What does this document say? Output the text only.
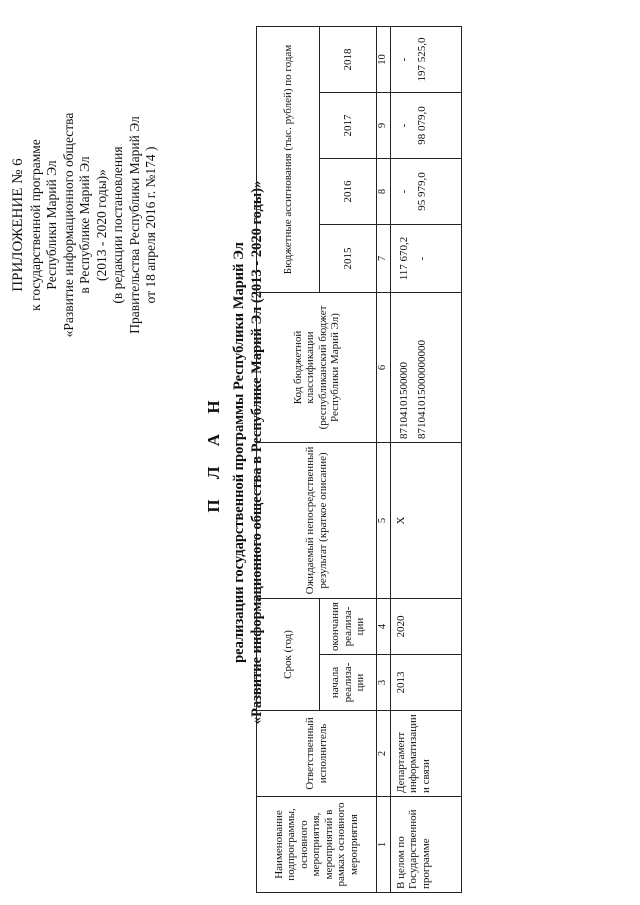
ПРИЛОЖЕНИЕ № 6 к государственной программе Республики Марий Эл «Развитие информационного общества в Республике Марий Эл (2013 - 2020 годы)» (в редакции постановления Правительства Республики Марий Эл от 18 апреля 2016 г. №174 )
П Л А Н реализации государственной программы Республики Марий Эл «Развитие информационного общества в Республике Марий Эл (2013 - 2020 годы)»
Наименование подпрограммы, основного мероприятия, мероприятий в рамках основного мероприятия	Ответственный исполнитель	Срок (год)		Ожидаемый непосредственный результат (краткое описание)	Код бюджетной классификации (республиканский бюджет Республики Марий Эл)	Бюджетные ассигнования (тыс. рублей) по годам			
		начала реализа-ции	окончания реализа-ции			2015	2016	2017	2018
1	2	3	4	5	6	7	8	9	10
В целом по Государственной программе	Департамент информатизации и связи	2013	2020	Х	87104101500000 871041015000000000	117 670,2 -	- 95 979,0	- 98 079,0	- 197 525,0
